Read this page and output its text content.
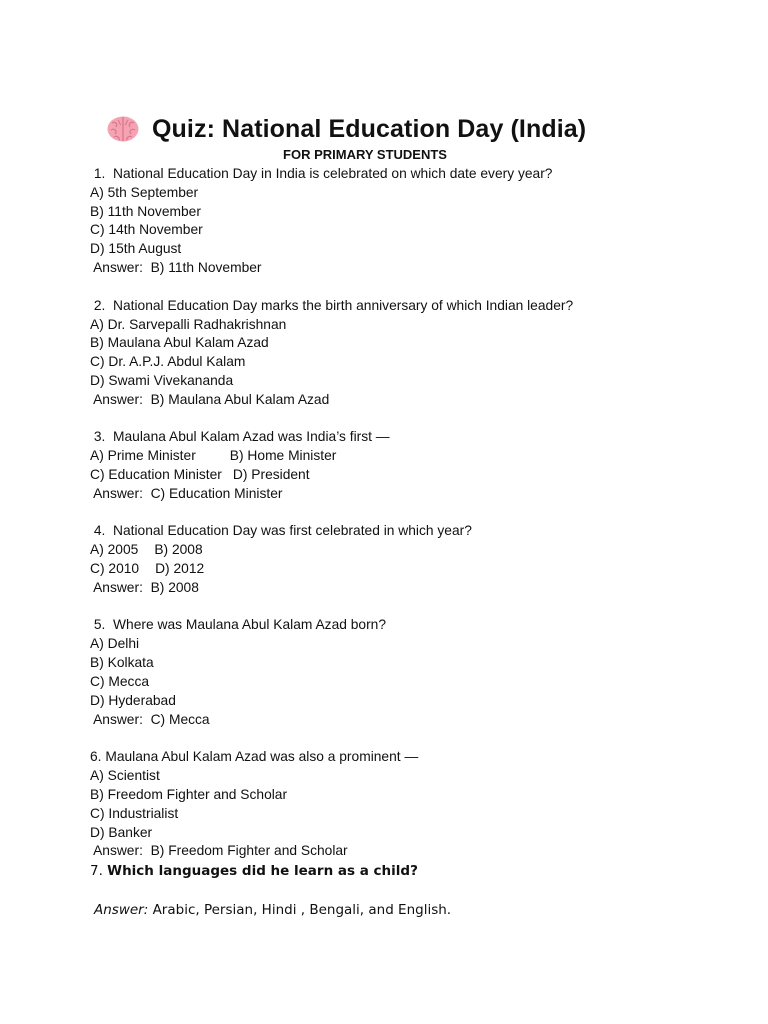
Quiz: National Education Day (India)
FOR PRIMARY STUDENTS
1.  National Education Day in India is celebrated on which date every year?
A) 5th September
B) 11th November
C) 14th November
D) 15th August
Answer:  B) 11th November
2.  National Education Day marks the birth anniversary of which Indian leader?
A) Dr. Sarvepalli Radhakrishnan
B) Maulana Abul Kalam Azad
C) Dr. A.P.J. Abdul Kalam
D) Swami Vivekananda
Answer:  B) Maulana Abul Kalam Azad
3.  Maulana Abul Kalam Azad was India’s first —
A) Prime Minister B) Home Minister
C) Education Minister D) President
Answer:  C) Education Minister
4.  National Education Day was first celebrated in which year?
A) 2005 B) 2008
C) 2010 D) 2012
Answer:  B) 2008
5.  Where was Maulana Abul Kalam Azad born?
A) Delhi
B) Kolkata
C) Mecca
D) Hyderabad
Answer:  C) Mecca
6. Maulana Abul Kalam Azad was also a prominent —
A) Scientist
B) Freedom Fighter and Scholar
C) Industrialist
D) Banker
Answer:  B) Freedom Fighter and Scholar
7. Which languages did he learn as a child?
Answer: Arabic, Persian, Hindi , Bengali, and English.
